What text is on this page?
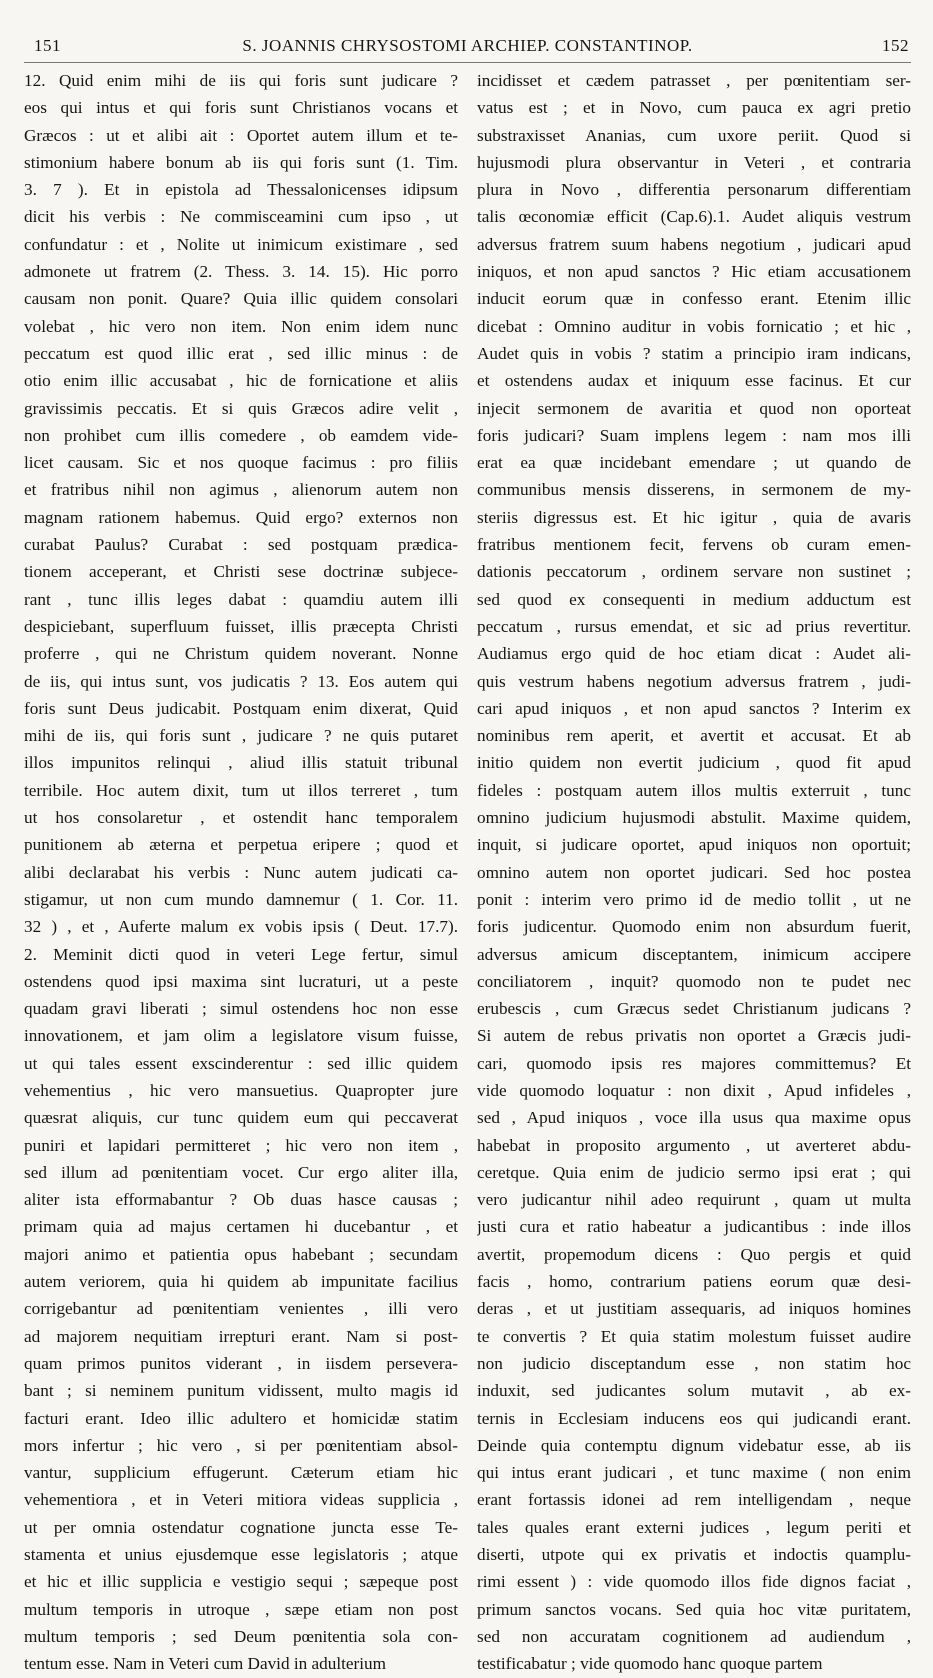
151	S. JOANNIS CHRYSOSTOMI ARCHIEP. CONSTANTINOP.	152
12. Quid enim mihi de iis qui foris sunt judicare ?
eos qui intus et qui foris sunt Christianos vocans et
Græcos : ut et alibi ait : Oportet autem illum et te-
stimonium habere bonum ab iis qui foris sunt (1. Tim.
3. 7 ). Et in epistola ad Thessalonicenses idipsum
dicit his verbis : Ne commisceamini cum ipso , ut
confundatur : et , Nolite ut inimicum existimare , sed
admonete ut fratrem (2. Thess. 3. 14. 15). Hic porro
causam non ponit. Quare? Quia illic quidem consolari
volebat , hic vero non item. Non enim idem nunc
peccatum est quod illic erat , sed illic minus : de
otio enim illic accusabat , hic de fornicatione et aliis
gravissimis peccatis. Et si quis Græcos adire velit ,
non prohibet cum illis comedere , ob eamdem vide-
licet causam. Sic et nos quoque facimus : pro filiis
et fratribus nihil non agimus , alienorum autem non
magnam rationem habemus. Quid ergo? externos non
curabat Paulus? Curabat : sed postquam prædica-
tionem acceperant, et Christi sese doctrinæ subjece-
rant , tunc illis leges dabat : quamdiu autem illi
despiciebant, superfluum fuisset, illis præcepta Christi
proferre , qui ne Christum quidem noverant. Nonne
de iis, qui intus sunt, vos judicatis ? 13. Eos autem qui
foris sunt Deus judicabit. Postquam enim dixerat, Quid
mihi de iis, qui foris sunt , judicare ? ne quis putaret
illos impunitos relinqui , aliud illis statuit tribunal
terribile. Hoc autem dixit, tum ut illos terreret , tum
ut hos consolaretur , et ostendit hanc temporalem
punitionem ab æterna et perpetua eripere ; quod et
alibi declarabat his verbis : Nunc autem judicati ca-
stigamur, ut non cum mundo damnemur ( 1. Cor. 11.
32 ) , et , Auferte malum ex vobis ipsis ( Deut. 17.7).
2. Meminit dicti quod in veteri Lege fertur, simul
ostendens quod ipsi maxima sint lucraturi, ut a peste
quadam gravi liberati ; simul ostendens hoc non esse
innovationem, et jam olim a legislatore visum fuisse,
ut qui tales essent exscinderentur : sed illic quidem
vehementius , hic vero mansuetius. Quapropter jure
quæsrat aliquis, cur tunc quidem eum qui peccaverat
puniri et lapidari permitteret ; hic vero non item ,
sed illum ad pœnitentiam vocet. Cur ergo aliter illa,
aliter ista efformabantur ? Ob duas hasce causas ;
primam quia ad majus certamen hi ducebantur , et
majori animo et patientia opus habebant ; secundam
autem veriorem, quia hi quidem ab impunitate facilius
corrigebantur ad pœnitentiam venientes , illi vero
ad majorem nequitiam irrepturi erant. Nam si post-
quam primos punitos viderant , in iisdem persevera-
bant ; si neminem punitum vidissent, multo magis id
facturi erant. Ideo illic adultero et homicidæ statim
mors infertur ; hic vero , si per pœnitentiam absol-
vantur, supplicium effugerunt. Cæterum etiam hic
vehementiora , et in Veteri mitiora videas supplicia ,
ut per omnia ostendatur cognatione juncta esse Te-
stamenta et unius ejusdemque esse legislatoris ; atque
et hic et illic supplicia e vestigio sequi ; sæpeque post
multum temporis in utroque , sæpe etiam non post
multum temporis ; sed Deum pœnitentia sola con-
tentum esse. Nam in Veteri cum David in adulterium
incidisset et cædem patrasset , per pœnitentiam ser-
vatus est ; et in Novo, cum pauca ex agri pretio
substraxisset Ananias, cum uxore periit. Quod si
hujusmodi plura observantur in Veteri , et contraria
plura in Novo , differentia personarum differentiam
talis œconomiæ efficit (Cap.6).1. Audet aliquis vestrum
adversus fratrem suum habens negotium , judicari apud
iniquos, et non apud sanctos ? Hic etiam accusationem
inducit eorum quæ in confesso erant. Etenim illic
dicebat : Omnino auditur in vobis fornicatio ; et hic ,
Audet quis in vobis ? statim a principio iram indicans,
et ostendens audax et iniquum esse facinus. Et cur
injecit sermonem de avaritia et quod non oporteat
foris judicari? Suam implens legem : nam mos illi
erat ea quæ incidebant emendare ; ut quando de
communibus mensis disserens, in sermonem de my-
steriis digressus est. Et hic igitur , quia de avaris
fratribus mentionem fecit, fervens ob curam emen-
dationis peccatorum , ordinem servare non sustinet ;
sed quod ex consequenti in medium adductum est
peccatum , rursus emendat, et sic ad prius revertitur.
Audiamus ergo quid de hoc etiam dicat : Audet ali-
quis vestrum habens negotium adversus fratrem , judi-
cari apud iniquos , et non apud sanctos ? Interim ex
nominibus rem aperit, et avertit et accusat. Et ab
initio quidem non evertit judicium , quod fit apud
fideles : postquam autem illos multis exterruit , tunc
omnino judicium hujusmodi abstulit. Maxime quidem,
inquit, si judicare oportet, apud iniquos non oportuit;
omnino autem non oportet judicari. Sed hoc postea
ponit : interim vero primo id de medio tollit , ut ne
foris judicentur. Quomodo enim non absurdum fuerit,
adversus amicum disceptantem, inimicum accipere
conciliatorem , inquit? quomodo non te pudet nec
erubescis , cum Græcus sedet Christianum judicans ?
Si autem de rebus privatis non oportet a Græcis judi-
cari, quomodo ipsis res majores committemus? Et
vide quomodo loquatur : non dixit , Apud infideles ,
sed , Apud iniquos , voce illa usus qua maxime opus
habebat in proposito argumento , ut averteret abdu-
ceretque. Quia enim de judicio sermo ipsi erat ; qui
vero judicantur nihil adeo requirunt , quam ut multa
justi cura et ratio habeatur a judicantibus : inde illos
avertit, propemodum dicens : Quo pergis et quid
facis , homo, contrarium patiens eorum quæ desi-
deras , et ut justitiam assequaris, ad iniquos homines
te convertis ? Et quia statim molestum fuisset audire
non judicio disceptandum esse , non statim hoc
induxit, sed judicantes solum mutavit , ab ex-
ternis in Ecclesiam inducens eos qui judicandi erant.
Deinde quia contemptu dignum videbatur esse, ab iis
qui intus erant judicari , et tunc maxime ( non enim
erant fortassis idonei ad rem intelligendam , neque
tales quales erant externi judices , legum periti et
diserti, utpote qui ex privatis et indoctis quamplu-
rimi essent ) : vide quomodo illos fide dignos faciat ,
primum sanctos vocans. Sed quia hoc vitæ puritatem,
sed non accuratam cognitionem ad audiendum ,
testificabatur ; vide quomodo hanc quoque partem
